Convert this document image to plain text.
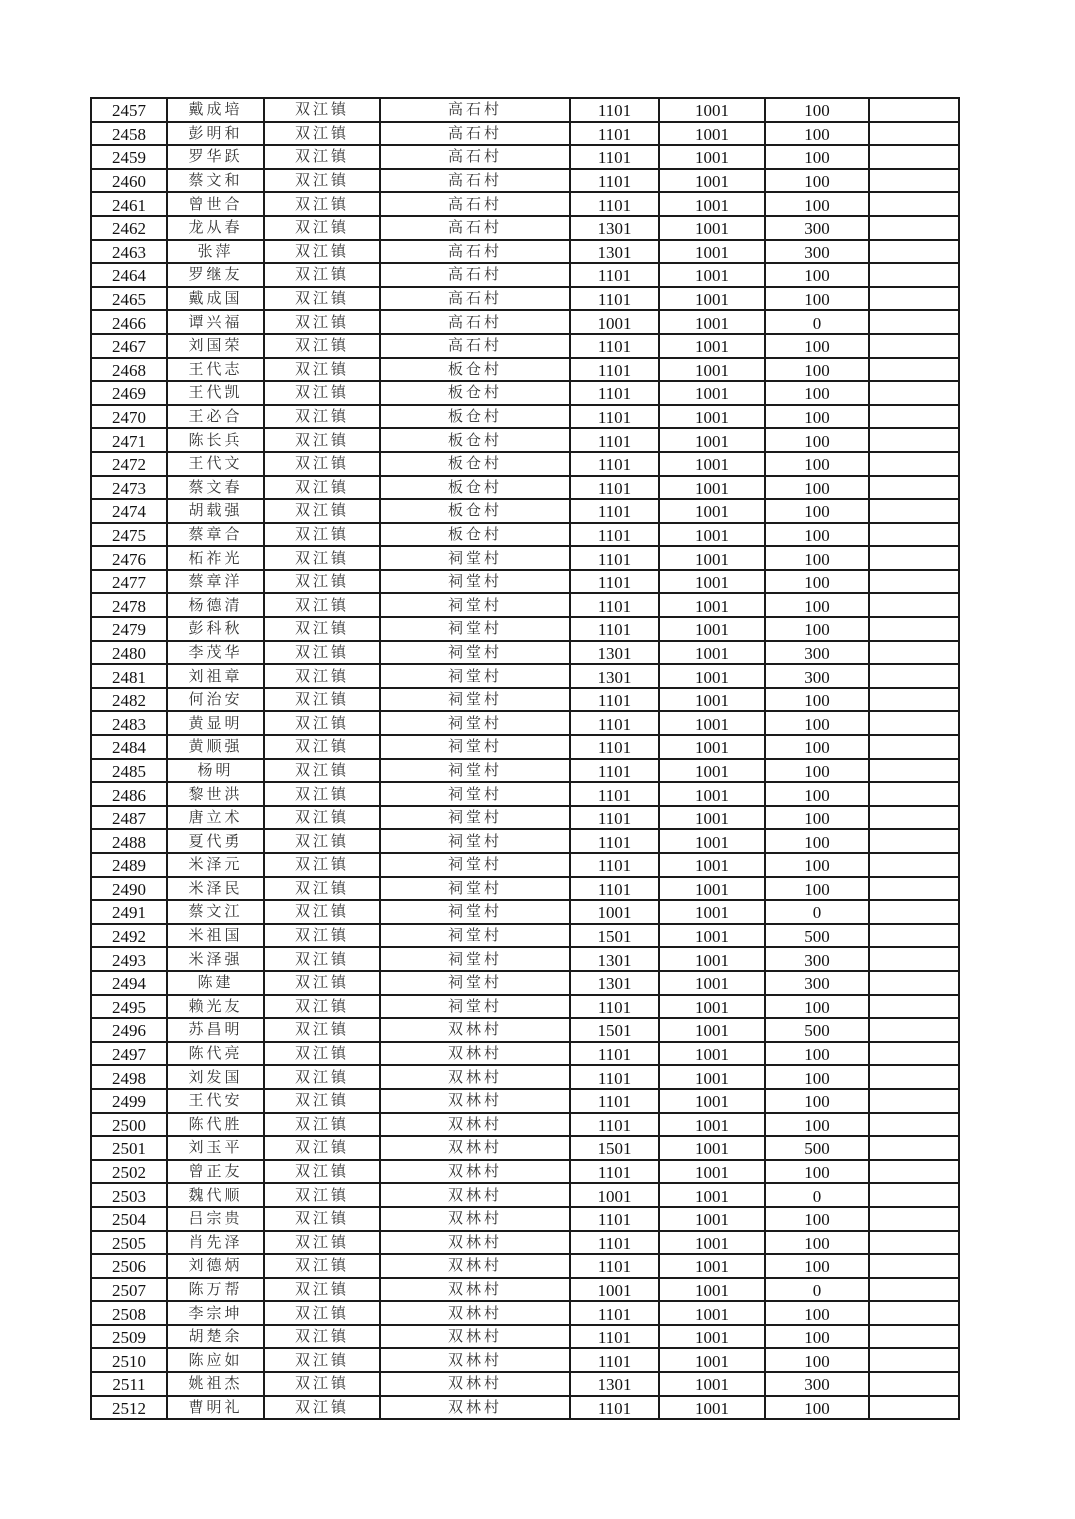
2457	戴成培	双江镇	高石村	1101	1001	100	
2458	彭明和	双江镇	高石村	1101	1001	100	
2459	罗华跃	双江镇	高石村	1101	1001	100	
2460	蔡文和	双江镇	高石村	1101	1001	100	
2461	曾世合	双江镇	高石村	1101	1001	100	
2462	龙从春	双江镇	高石村	1301	1001	300	
2463	张萍	双江镇	高石村	1301	1001	300	
2464	罗继友	双江镇	高石村	1101	1001	100	
2465	戴成国	双江镇	高石村	1101	1001	100	
2466	谭兴福	双江镇	高石村	1001	1001	0	
2467	刘国荣	双江镇	高石村	1101	1001	100	
2468	王代志	双江镇	板仓村	1101	1001	100	
2469	王代凯	双江镇	板仓村	1101	1001	100	
2470	王必合	双江镇	板仓村	1101	1001	100	
2471	陈长兵	双江镇	板仓村	1101	1001	100	
2472	王代文	双江镇	板仓村	1101	1001	100	
2473	蔡文春	双江镇	板仓村	1101	1001	100	
2474	胡载强	双江镇	板仓村	1101	1001	100	
2475	蔡章合	双江镇	板仓村	1101	1001	100	
2476	柘祚光	双江镇	祠堂村	1101	1001	100	
2477	蔡章洋	双江镇	祠堂村	1101	1001	100	
2478	杨德清	双江镇	祠堂村	1101	1001	100	
2479	彭科秋	双江镇	祠堂村	1101	1001	100	
2480	李茂华	双江镇	祠堂村	1301	1001	300	
2481	刘祖章	双江镇	祠堂村	1301	1001	300	
2482	何治安	双江镇	祠堂村	1101	1001	100	
2483	黄显明	双江镇	祠堂村	1101	1001	100	
2484	黄顺强	双江镇	祠堂村	1101	1001	100	
2485	杨明	双江镇	祠堂村	1101	1001	100	
2486	黎世洪	双江镇	祠堂村	1101	1001	100	
2487	唐立术	双江镇	祠堂村	1101	1001	100	
2488	夏代勇	双江镇	祠堂村	1101	1001	100	
2489	米泽元	双江镇	祠堂村	1101	1001	100	
2490	米泽民	双江镇	祠堂村	1101	1001	100	
2491	蔡文江	双江镇	祠堂村	1001	1001	0	
2492	米祖国	双江镇	祠堂村	1501	1001	500	
2493	米泽强	双江镇	祠堂村	1301	1001	300	
2494	陈建	双江镇	祠堂村	1301	1001	300	
2495	赖光友	双江镇	祠堂村	1101	1001	100	
2496	苏昌明	双江镇	双林村	1501	1001	500	
2497	陈代亮	双江镇	双林村	1101	1001	100	
2498	刘发国	双江镇	双林村	1101	1001	100	
2499	王代安	双江镇	双林村	1101	1001	100	
2500	陈代胜	双江镇	双林村	1101	1001	100	
2501	刘玉平	双江镇	双林村	1501	1001	500	
2502	曾正友	双江镇	双林村	1101	1001	100	
2503	魏代顺	双江镇	双林村	1001	1001	0	
2504	吕宗贵	双江镇	双林村	1101	1001	100	
2505	肖先泽	双江镇	双林村	1101	1001	100	
2506	刘德炳	双江镇	双林村	1101	1001	100	
2507	陈万帮	双江镇	双林村	1001	1001	0	
2508	李宗坤	双江镇	双林村	1101	1001	100	
2509	胡楚余	双江镇	双林村	1101	1001	100	
2510	陈应如	双江镇	双林村	1101	1001	100	
2511	姚祖杰	双江镇	双林村	1301	1001	300	
2512	曹明礼	双江镇	双林村	1101	1001	100	
